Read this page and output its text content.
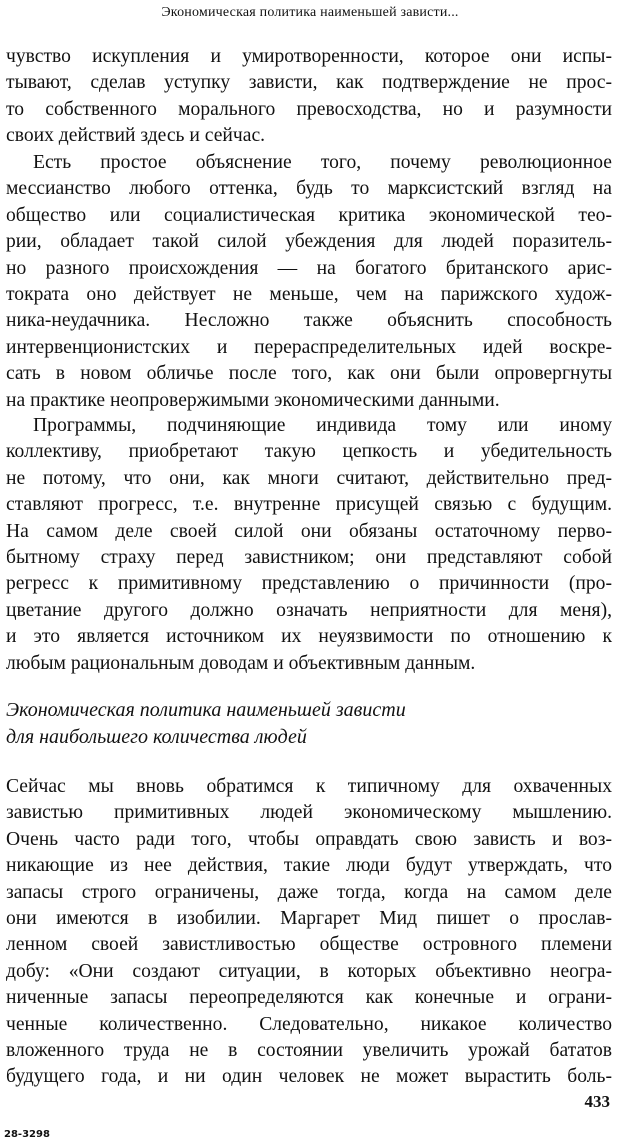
Экономическая политика наименьшей зависти...
чувство искупления и умиротворенности, которое они испы-
тывают, сделав уступку зависти, как подтверждение не прос-
то собственного морального превосходства, но и разумности
своих действий здесь и сейчас.
Есть простое объяснение того, почему революционное
мессианство любого оттенка, будь то марксистский взгляд на
общество или социалистическая критика экономической тео-
рии, обладает такой силой убеждения для людей поразитель-
но разного происхождения — на богатого британского арис-
тократа оно действует не меньше, чем на парижского худож-
ника-неудачника. Несложно также объяснить способность
интервенционистских и перераспределительных идей воскре-
сать в новом обличье после того, как они были опровергнуты
на практике неопровержимыми экономическими данными.
Программы, подчиняющие индивида тому или иному
коллективу, приобретают такую цепкость и убедительность
не потому, что они, как многи считают, действительно пред-
ставляют прогресс, т.е. внутренне присущей связью с будущим.
На самом деле своей силой они обязаны остаточному перво-
бытному страху перед завистником; они представляют собой
регресс к примитивному представлению о причинности (про-
цветание другого должно означать неприятности для меня),
и это является источником их неуязвимости по отношению к
любым рациональным доводам и объективным данным.
Экономическая политика наименьшей зависти
для наибольшего количества людей
Сейчас мы вновь обратимся к типичному для охваченных
завистью примитивных людей экономическому мышлению.
Очень часто ради того, чтобы оправдать свою зависть и воз-
никающие из нее действия, такие люди будут утверждать, что
запасы строго ограничены, даже тогда, когда на самом деле
они имеются в изобилии. Маргарет Мид пишет о прослав-
ленном своей завистливостью обществе островного племени
добу: «Они создают ситуации, в которых объективно неогра-
ниченные запасы переопределяются как конечные и ограни-
ченные количественно. Следовательно, никакое количество
вложенного труда не в состоянии увеличить урожай бататов
будущего года, и ни один человек не может вырастить боль-
433
28-3298
